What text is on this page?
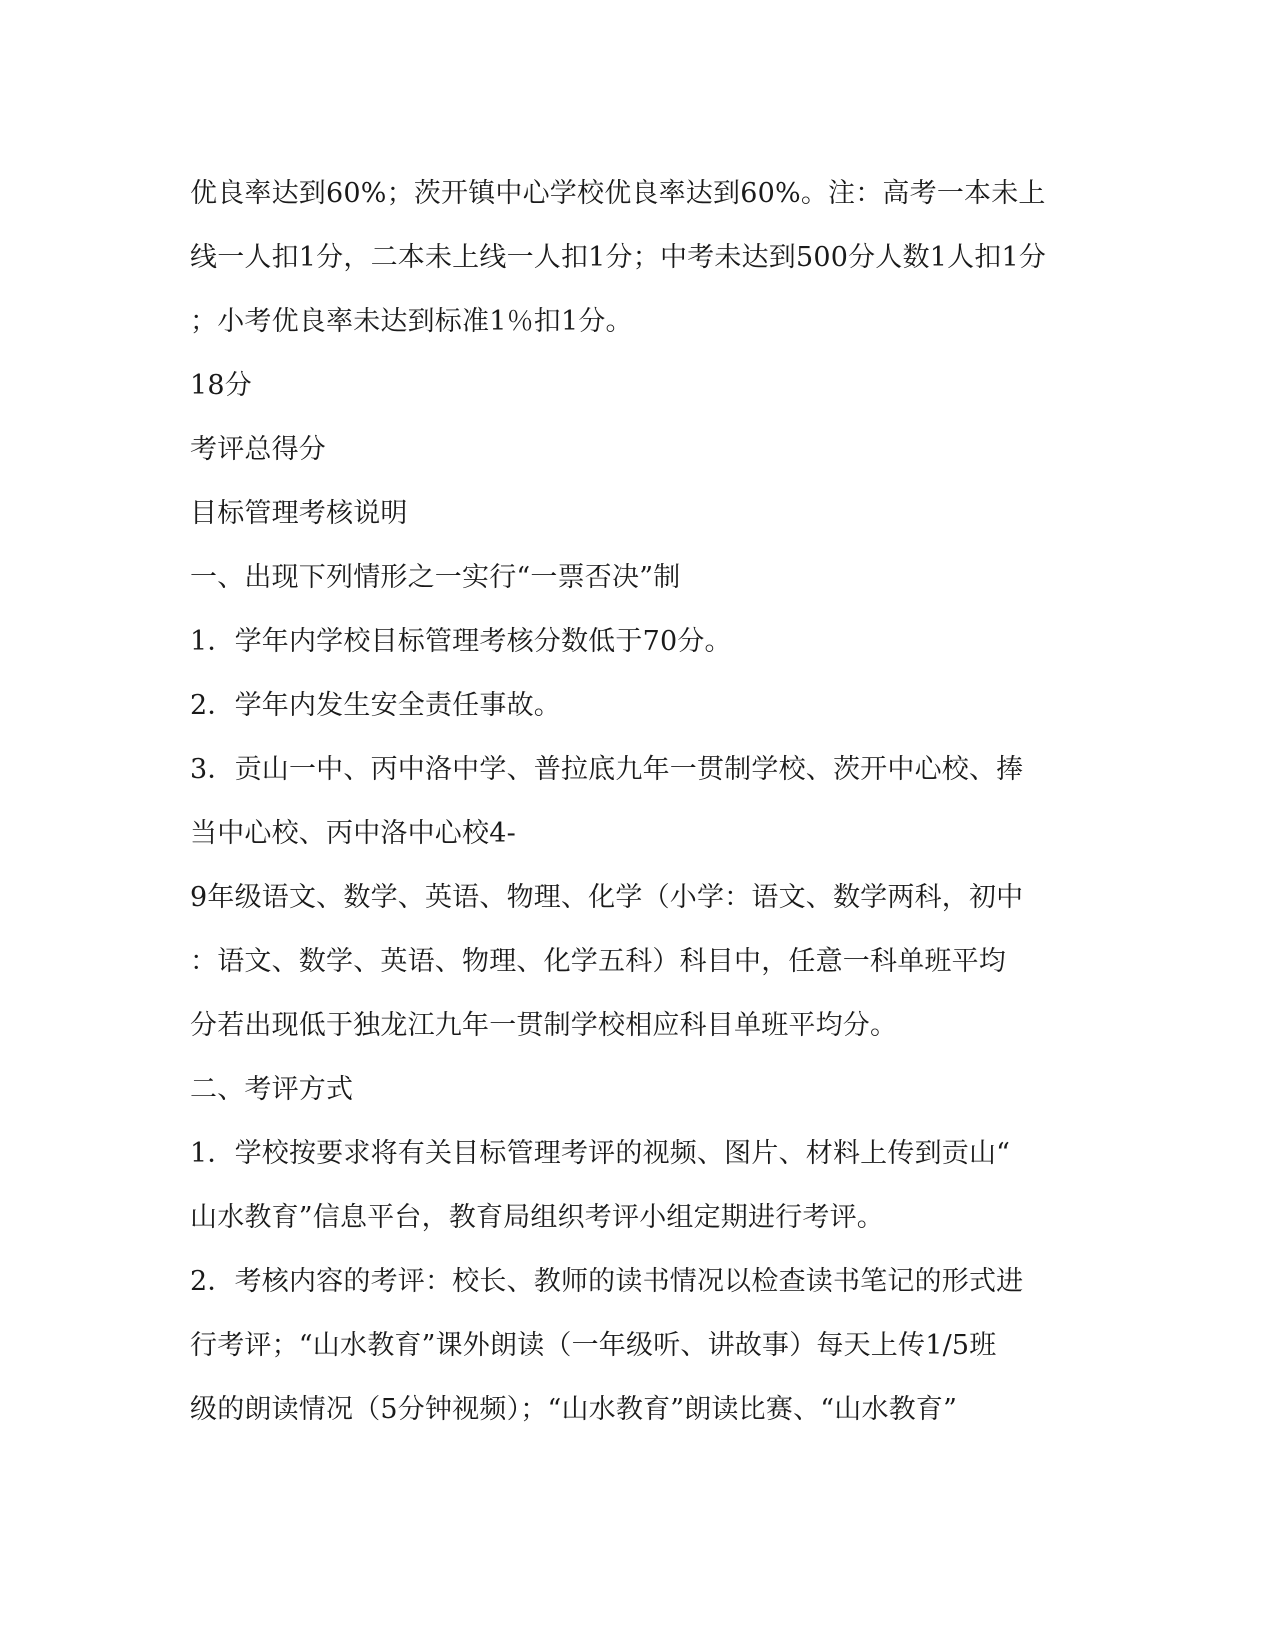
优良率达到60%；茨开镇中心学校优良率达到60%。注：高考一本未上
线一人扣1分，二本未上线一人扣1分；中考未达到500分人数1人扣1分
；小考优良率未达到标准1％扣1分。
18分
考评总得分
目标管理考核说明
一、出现下列情形之一实行“一票否决”制
1．学年内学校目标管理考核分数低于70分。
2．学年内发生安全责任事故。
3．贡山一中、丙中洛中学、普拉底九年一贯制学校、茨开中心校、捧
当中心校、丙中洛中心校4-
9年级语文、数学、英语、物理、化学（小学：语文、数学两科，初中
：语文、数学、英语、物理、化学五科）科目中，任意一科单班平均
分若出现低于独龙江九年一贯制学校相应科目单班平均分。
二、考评方式
1．学校按要求将有关目标管理考评的视频、图片、材料上传到贡山“
山水教育”信息平台，教育局组织考评小组定期进行考评。
2．考核内容的考评：校长、教师的读书情况以检查读书笔记的形式进
行考评；“山水教育”课外朗读（一年级听、讲故事）每天上传1/5班
级的朗读情况（5分钟视频）；“山水教育”朗读比赛、“山水教育”
